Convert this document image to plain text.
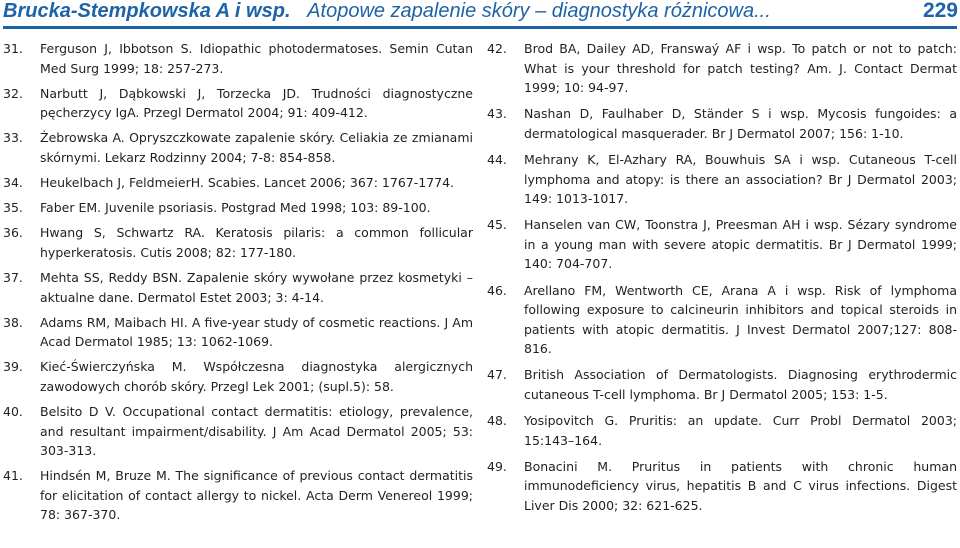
Brucka-Stempkowska A i wsp. Atopowe zapalenie skóry – diagnostyka różnicowa...	229
31. Ferguson J, Ibbotson S. Idiopathic photodermatoses. Semin Cutan Med Surg 1999; 18: 257-273.
32. Narbutt J, Dąbkowski J, Torzecka JD. Trudności diagnostyczne pęcherzycy IgA. Przegl Dermatol 2004; 91: 409-412.
33. Żebrowska A. Opryszczkowate zapalenie skóry. Celiakia ze zmianami skórnymi. Lekarz Rodzinny 2004; 7-8: 854-858.
34. Heukelbach J, FeldmeierH. Scabies. Lancet 2006; 367: 1767-1774.
35. Faber EM. Juvenile psoriasis. Postgrad Med 1998; 103: 89-100.
36. Hwang S, Schwartz RA. Keratosis pilaris: a common follicular hyperkeratosis. Cutis 2008; 82: 177-180.
37. Mehta SS, Reddy BSN. Zapalenie skóry wywołane przez kosmetyki – aktualne dane. Dermatol Estet 2003; 3: 4-14.
38. Adams RM, Maibach HI. A five-year study of cosmetic reactions. J Am Acad Dermatol 1985; 13: 1062-1069.
39. Kieć-Świerczyńska M. Współczesna diagnostyka alergicznych zawodowych chorób skóry. Przegl Lek 2001; (supl.5): 58.
40. Belsito D V. Occupational contact dermatitis: etiology, prevalence, and resultant impairment/disability. J Am Acad Dermatol 2005; 53: 303-313.
41. Hindsén M, Bruze M. The significance of previous contact dermatitis for elicitation of contact allergy to nickel. Acta Derm Venereol 1999; 78: 367-370.
42. Brod BA, Dailey AD, Franswaý AF i wsp. To patch or not to patch: What is your threshold for patch testing? Am. J. Contact Dermat 1999; 10: 94-97.
43. Nashan D, Faulhaber D, Ständer S i wsp. Mycosis fungoides: a dermatological masquerader. Br J Dermatol 2007; 156: 1-10.
44. Mehrany K, El-Azhary RA, Bouwhuis SA i wsp. Cutaneous T-cell lymphoma and atopy: is there an association? Br J Dermatol 2003; 149: 1013-1017.
45. Hanselen van CW, Toonstra J, Preesman AH i wsp. Sézary syndrome in a young man with severe atopic dermatitis. Br J Dermatol 1999; 140: 704-707.
46. Arellano FM, Wentworth CE, Arana A i wsp. Risk of lymphoma following exposure to calcineurin inhibitors and topical steroids in patients with atopic dermatitis. J Invest Dermatol 2007;127: 808-816.
47. British Association of Dermatologists. Diagnosing erythrodermic cutaneous T-cell lymphoma. Br J Dermatol 2005; 153: 1-5.
48. Yosipovitch G. Pruritis: an update. Curr Probl Dermatol 2003; 15:143–164.
49. Bonacini M. Pruritus in patients with chronic human immunodeficiency virus, hepatitis B and C virus infections. Digest Liver Dis 2000; 32: 621-625.
